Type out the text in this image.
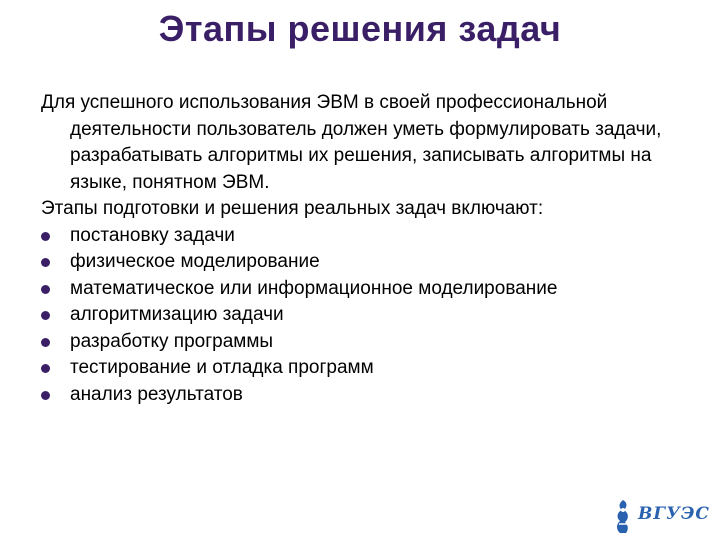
Этапы решения задач

Для успешного использования ЭВМ в своей профессиональной деятельности пользователь должен уметь формулировать задачи, разрабатывать алгоритмы их решения, записывать алгоритмы на языке, понятном ЭВМ.

Этапы подготовки и решения реальных задач включают:

постановку задачи
физическое моделирование
математическое или информационное моделирование
алгоритмизацию задачи
разработку программы
тестирование и отладка программ
анализ результатов
ВГУЭС
